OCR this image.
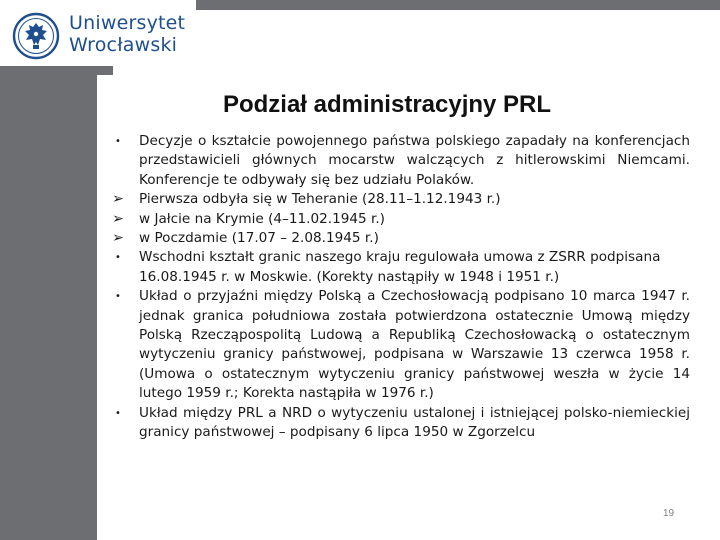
Uniwersytet
Wrocławski
Podział administracyjny PRL
•	Decyzje o kształcie powojennego państwa polskiego zapadały na konferencjach przedstawicieli głównych mocarstw walczących z hitlerowskimi Niemcami. Konferencje te odbywały się bez udziału Polaków.
➢ Pierwsza odbyła się w Teheranie (28.11–1.12.1943 r.)
➢ w Jałcie na Krymie (4–11.02.1945 r.)
➢ w Poczdamie (17.07 – 2.08.1945 r.)
•	Wschodni kształt granic naszego kraju regulowała umowa z ZSRR podpisana 16.08.1945 r. w Moskwie. (Korekty nastąpiły w 1948 i 1951 r.)
•	Układ o przyjaźni między Polską a Czechosłowacją podpisano 10 marca 1947 r. jednak granica południowa została potwierdzona ostatecznie Umową między Polską Rzecząpospolitą Ludową a Republiką Czechosłowacką o ostatecznym wytyczeniu granicy państwowej, podpisana w Warszawie 13 czerwca 1958 r. (Umowa o ostatecznym wytyczeniu granicy państwowej weszła w życie 14 lutego 1959 r.; Korekta nastąpiła w 1976 r.)
•	Układ między PRL a NRD o wytyczeniu ustalonej i istniejącej polsko-niemieckiej granicy państwowej – podpisany 6 lipca 1950 w Zgorzelcu
19
